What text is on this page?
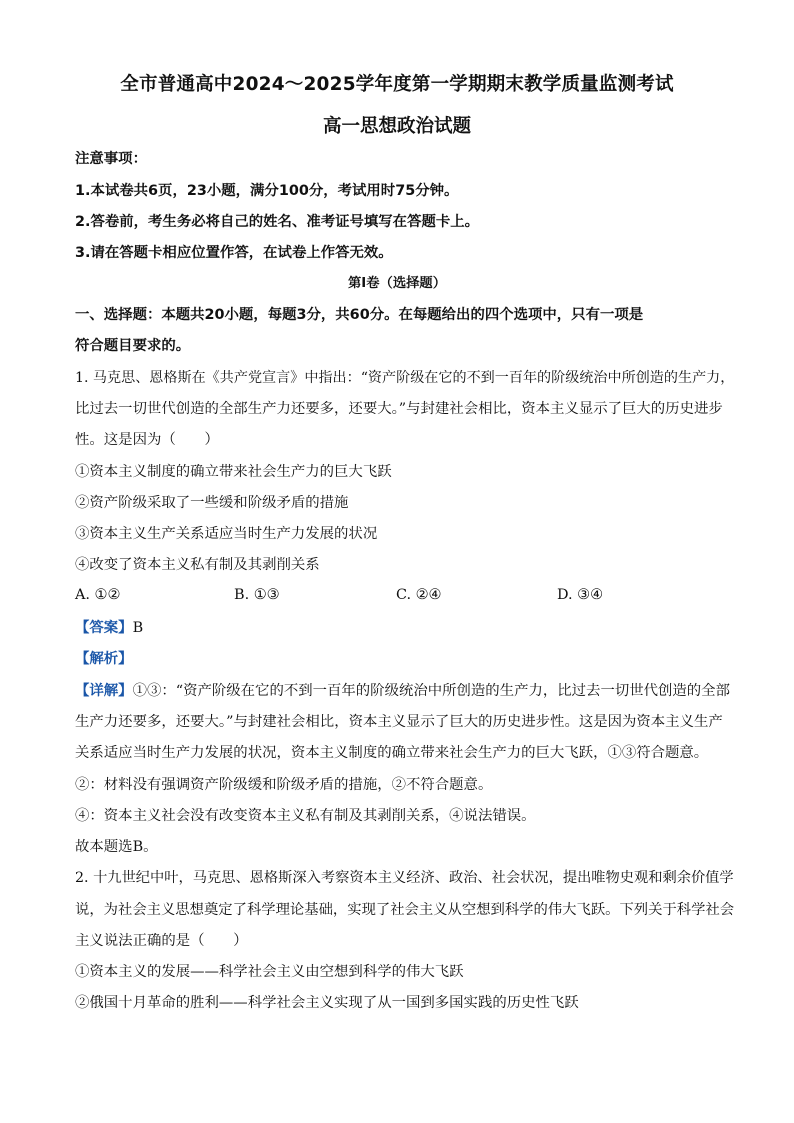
全市普通高中2024～2025学年度第一学期期末教学质量监测考试
高一思想政治试题
注意事项：
1.本试卷共6页，23小题，满分100分，考试用时75分钟。
2.答卷前，考生务必将自己的姓名、准考证号填写在答题卡上。
3.请在答题卡相应位置作答，在试卷上作答无效。
第Ⅰ卷（选择题）
一、选择题：本题共20小题，每题3分，共60分。在每题给出的四个选项中，只有一项是
符合题目要求的。
1. 马克思、恩格斯在《共产党宣言》中指出：“资产阶级在它的不到一百年的阶级统治中所创造的生产力，
比过去一切世代创造的全部生产力还要多，还要大。”与封建社会相比，资本主义显示了巨大的历史进步
性。这是因为（　　）
①资本主义制度的确立带来社会生产力的巨大飞跃
②资产阶级采取了一些缓和阶级矛盾的措施
③资本主义生产关系适应当时生产力发展的状况
④改变了资本主义私有制及其剥削关系
A. ①②	B. ①③	C. ②④	D. ③④
【答案】B
【解析】
【详解】①③：“资产阶级在它的不到一百年的阶级统治中所创造的生产力，比过去一切世代创造的全部
生产力还要多，还要大。”与封建社会相比，资本主义显示了巨大的历史进步性。这是因为资本主义生产
关系适应当时生产力发展的状况，资本主义制度的确立带来社会生产力的巨大飞跃，①③符合题意。
②：材料没有强调资产阶级缓和阶级矛盾的措施，②不符合题意。
④：资本主义社会没有改变资本主义私有制及其剥削关系，④说法错误。
故本题选B。
2. 十九世纪中叶，马克思、恩格斯深入考察资本主义经济、政治、社会状况，提出唯物史观和剩余价值学
说，为社会主义思想奠定了科学理论基础，实现了社会主义从空想到科学的伟大飞跃。下列关于科学社会
主义说法正确的是（　　）
①资本主义的发展——科学社会主义由空想到科学的伟大飞跃
②俄国十月革命的胜利——科学社会主义实现了从一国到多国实践的历史性飞跃
